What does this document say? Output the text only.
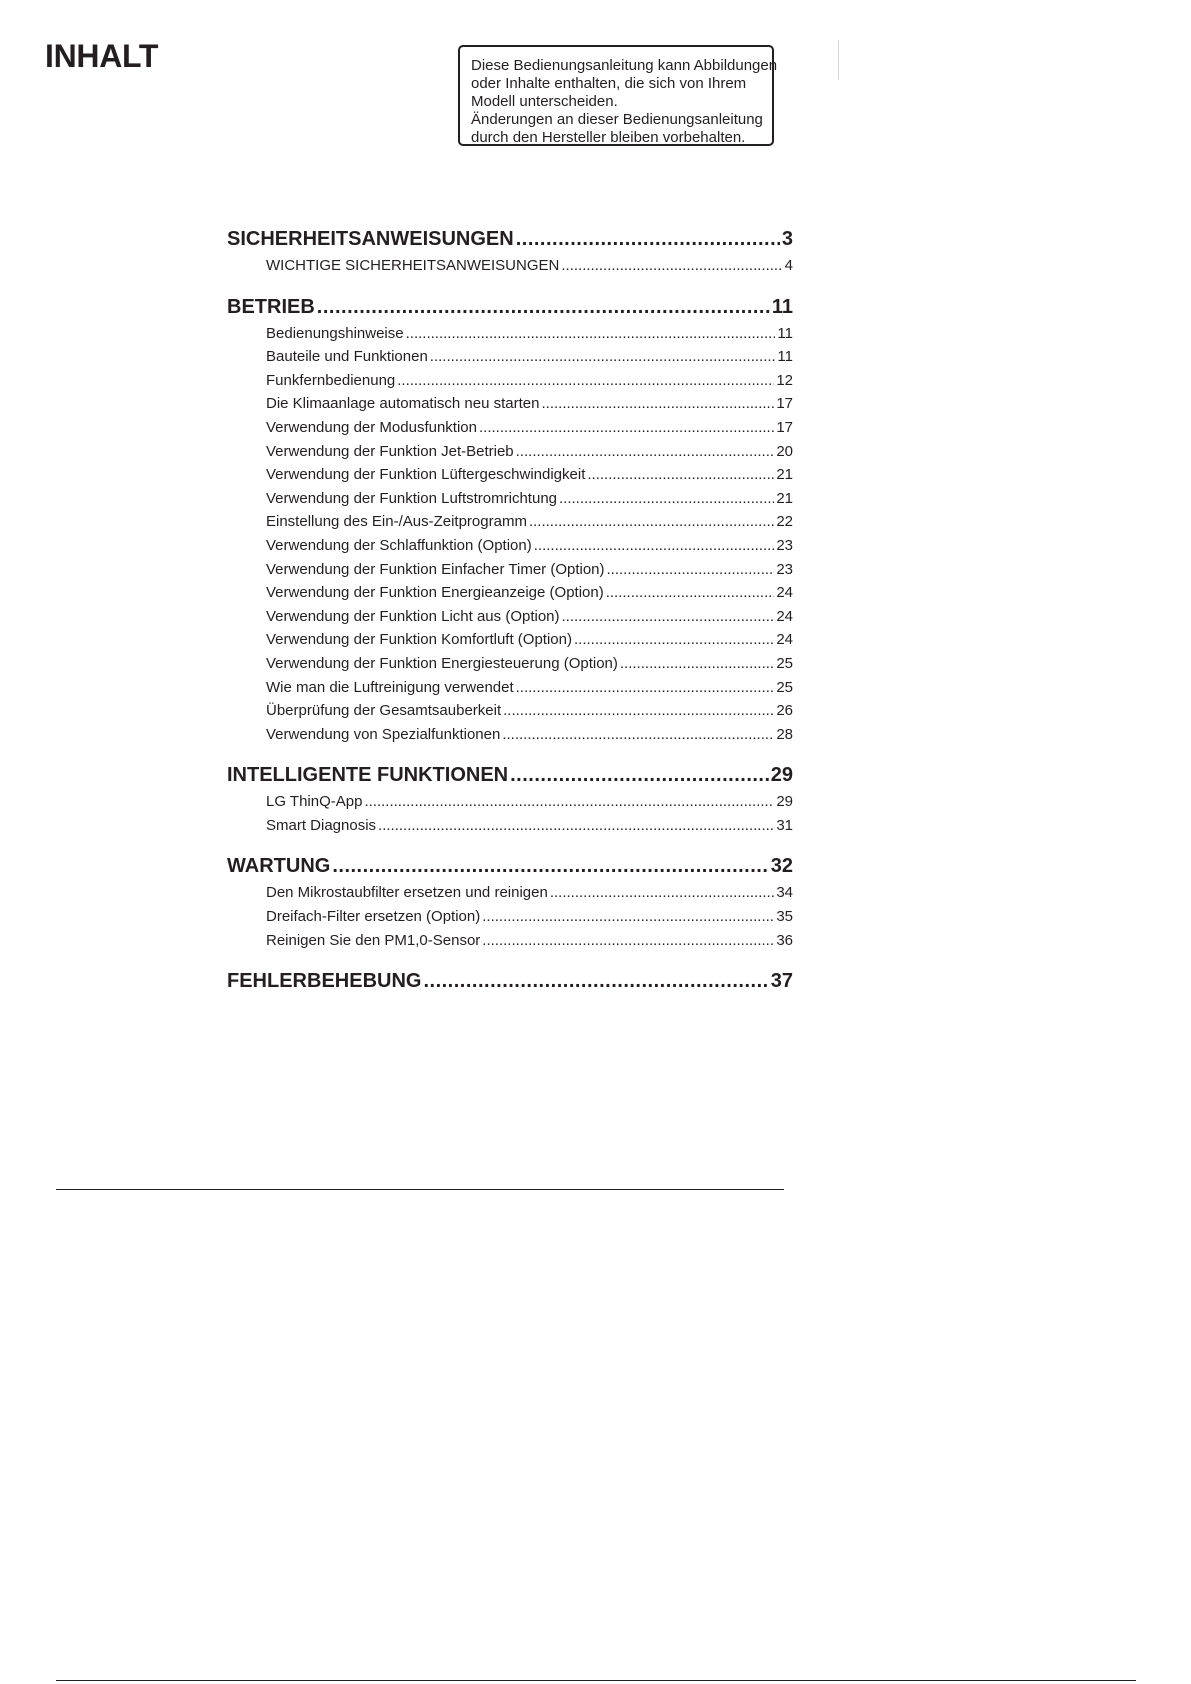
INHALT	Diese Bedienungsanleitung kann Abbildungen
oder Inhalte enthalten, die sich von Ihrem
Modell unterscheiden.
Änderungen an dieser Bedienungsanleitung
durch den Hersteller bleiben vorbehalten.
SICHERHEITSANWEISUNGEN .....	3
WICHTIGE SICHERHEITSANWEISUNGEN .....	4
BETRIEB .....	11
Bedienungshinweise .....	11
Bauteile und Funktionen .....	11
Funkfernbedienung .....	12
Die Klimaanlage automatisch neu starten .....	17
Verwendung der Modusfunktion .....	17
Verwendung der Funktion Jet-Betrieb .....	20
Verwendung der Funktion Lüftergeschwindigkeit .....	21
Verwendung der Funktion Luftstromrichtung .....	21
Einstellung des Ein-/Aus-Zeitprogramm .....	22
Verwendung der Schlaffunktion (Option) .....	23
Verwendung der Funktion Einfacher Timer (Option) .....	23
Verwendung der Funktion Energieanzeige (Option) .....	24
Verwendung der Funktion Licht aus (Option) .....	24
Verwendung der Funktion Komfortluft (Option) .....	24
Verwendung der Funktion Energiesteuerung (Option) .....	25
Wie man die Luftreinigung verwendet .....	25
Überprüfung der Gesamtsauberkeit .....	26
Verwendung von Spezialfunktionen .....	28
INTELLIGENTE FUNKTIONEN .....	29
LG ThinQ-App .....	29
Smart Diagnosis .....	31
WARTUNG .....	32
Den Mikrostaubfilter ersetzen und reinigen .....	34
Dreifach-Filter ersetzen (Option) .....	35
Reinigen Sie den PM1,0-Sensor .....	36
FEHLERBEHEBUNG .....	37
